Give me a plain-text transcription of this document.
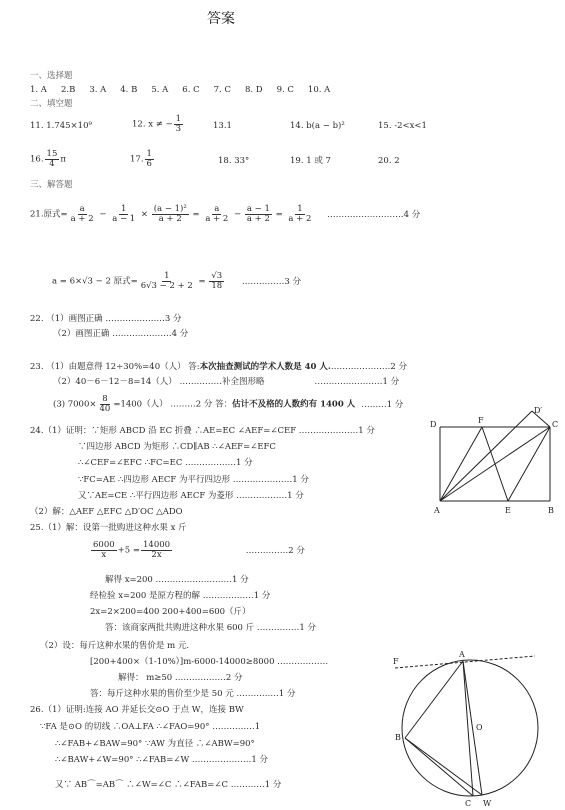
答案
一、选择题
1. A 2.B 3. A 4. B 5. A 6. C 7. C 8. D 9. C 10. A
二、填空题
11. 1.745×10⁹	12. x ≠ − $\frac{1}{3}$	13.1	14. b(a − b)²	15. -2<x<1
16. $\frac{15}{4}$ π	17. $\frac{1}{6}$	18. 33°	19. 1 或 7	20. 2
三、解答题
21.原式= $\frac{a}{a + 2} - \frac{1}{a - 1} \times \frac{\text{(a − 1)²}}{a + 2} = \frac{a}{a + 2} - \frac{a - 1}{a + 2} = \frac{1}{a + 2}$ ………………………4 分
a = 6×√3 − 2 原式= $\frac{1}{6√3 - 2 + 2} = \frac{√3}{18}$ ……………3 分
22. （1）画图正确 …………………3 分
（2）画图正确 …………………4 分
23. （1）由题意得 12÷30%=40（人） 答:本次抽查测试的学术人数是 40 人.…………………2 分
（2）40－6－12－8=14（人） ……………补全图形略	……………………1 分
(3) $7000\times \frac{8}{40} =1400$（人） ………2 分 答：估计不及格的人数约有 1400 人 ………1 分
24.（1）证明：∵矩形 ABCD 沿 EC 折叠 ∴AE=EC ∠AEF=∠CEF …………………1 分
∵四边形 ABCD 为矩形 ∴CD∥AB ∴∠AEF=∠EFC
∴∠CEF=∠EFC ∴FC=EC ………………1 分
∵FC=AE ∴四边形 AECF 为平行四边形 …………………1 分
又∵AE=CE ∴平行四边形 AECF 为菱形 ………………1 分
（2）解：△AEF △EFC △D′OC △ADO
D′
D	F	C
A	E	B
25.（1）解：设第一批购进这种水果 x 斤
$\frac{6000}{x} +5 = \frac{14000}{2x}$	……………2 分
解得 x=200 ………………………1 分
经检验 x=200 是原方程的解 ………………1 分
2x=2×200=400 200+400=600（斤）
答：该商家两批共购进这种水果 600 斤 ……………1 分
（2）设：每斤这种水果的售价是 m 元.
[200+400×（1-10%）]m-6000-14000≥8000 ………………
解得： m≥50 ………………2 分
答：每斤这种水果的售价至少是 50 元 ……………1 分
26.（1）证明:连接 AO 并延长交⊙O 于点 W，连接 BW
∵FA 是⊙O 的切线 ∴OA⊥FA ∴∠FAO=90° ……………1
∴∠FAB+∠BAW=90° ∵AW 为直径 ∴∠ABW=90°
∴∠BAW+∠W=90° ∴∠FAB=∠W …………………1 分
又∵ AB⌒=AB⌒ ∴∠W=∠C ∴∠FAB=∠C …………1 分
F
A
B
O
C W
